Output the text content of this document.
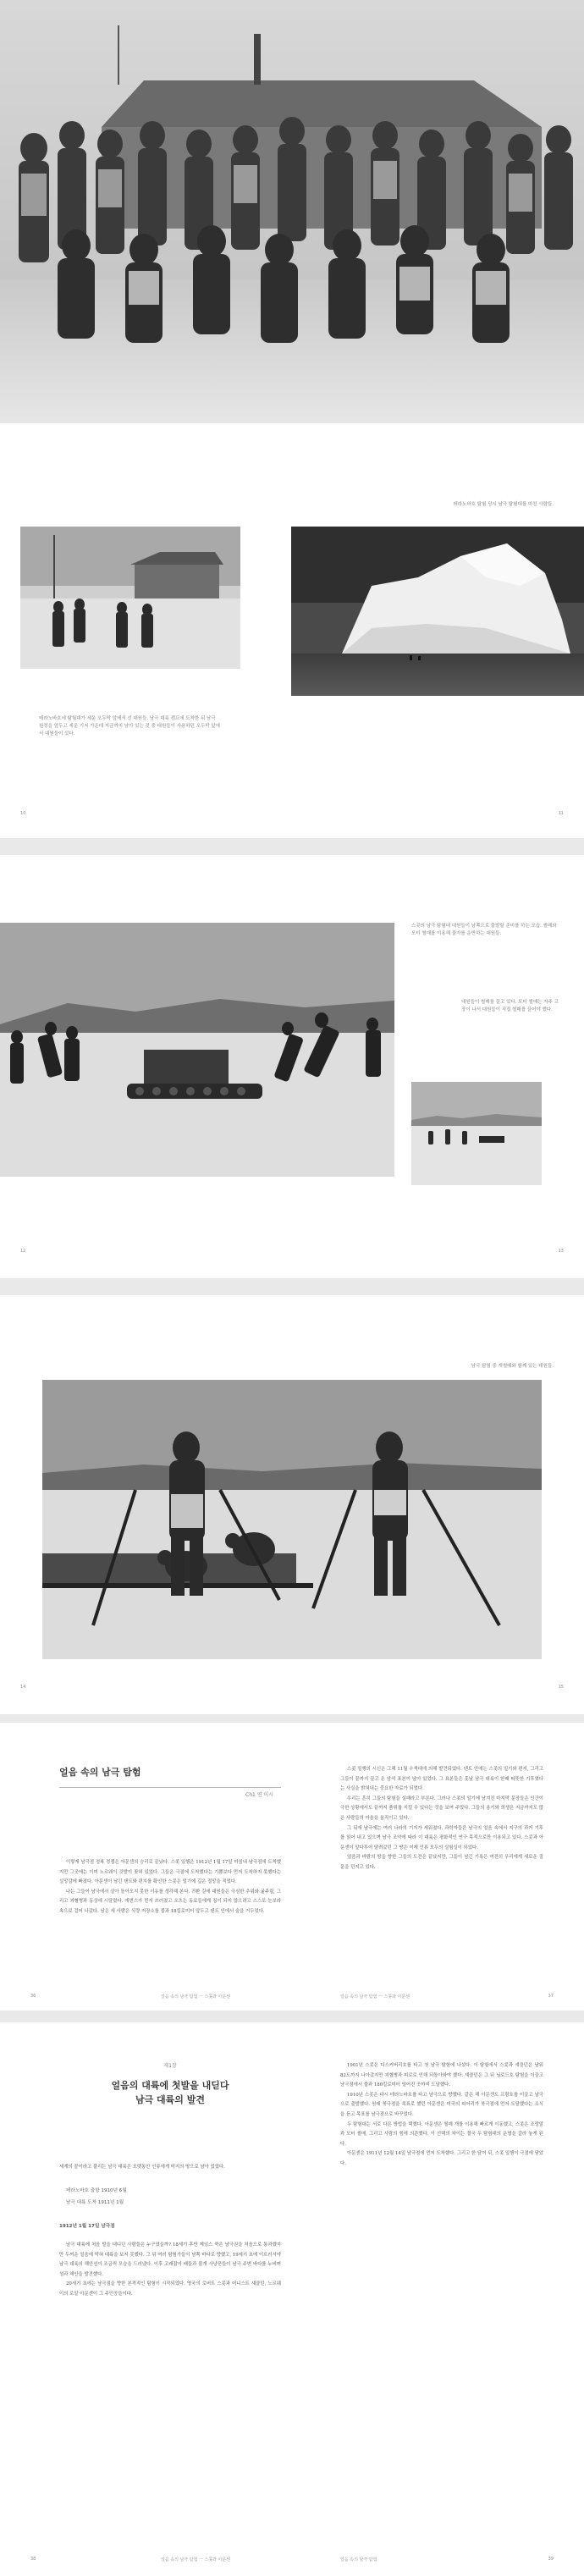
테라노바호 탐험 당시 남극 탐험대를 마친 사람들.
테라노바호에 탐험대가 세운 오두막 앞에서 선 대원들. 남극 대륙 캠프에 도착한 뒤 남극 원정을 앞두고 세운 기지 가운데 지금까지 남아 있는 것 중 대원들이 사용하던 오두막 앞에서 대원들이 섰다.
10	11
스콧의 남극 탐험대 대원들이 남쪽으로 출발할 준비를 하는 모습. 썰매와 모터 썰매를 이용해 물자를 운반하는 대원들.
대원들이 썰매를 끌고 있다. 모터 썰매는 자주 고장이 나서 대원들이 직접 썰매를 끌어야 했다.
12	13
남극 탐험 중 개썰매와 함께 있는 대원들.
14	15
얼음 속의 남극 탐험
Ch1 연 미시

이렇게 남극점 정복 경쟁은 아문센의 승리로 끝났다. 스콧 일행은 1912년 1월 17일 마침내 남극점에 도착했지만 그곳에는 이미 노르웨이 깃발이 꽂혀 있었다. 그들은 극점에 도착했다는 기쁨보다 먼저 도착하지 못했다는 실망감에 빠졌다. 아문센이 남긴 텐트와 편지를 확인한 스콧은 일기에 깊은 절망을 적었다.

나는 그들이 남극에서 살아 돌아오지 못한 이유를 생각해 본다. 귀환 길에 대원들은 극심한 추위와 굶주림, 그리고 괴혈병과 동상에 시달렸다. 에번스가 먼저 쓰러졌고 오츠는 동료들에게 짐이 되지 않으려고 스스로 눈보라 속으로 걸어 나갔다. 남은 세 사람은 식량 저장소를 불과 18킬로미터 앞두고 텐트 안에서 숨을 거두었다.

얼음 속의 남극 탐험 ㅡ 스콧과 아문센

스콧 일행의 시신은 그해 11월 수색대에 의해 발견되었다. 텐트 안에는 스콧의 일기와 편지, 그리고 그들이 끝까지 끌고 온 암석 표본이 남아 있었다. 그 표본들은 훗날 남극 대륙이 한때 따뜻한 기후였다는 사실을 밝혀내는 중요한 자료가 되었다.

우리는 흔히 그들의 탐험을 실패라고 부른다. 그러나 스콧의 일기에 남겨진 마지막 문장들은 인간이 극한 상황에서도 끝까지 품위를 지킬 수 있다는 것을 보여 주었다. 그들의 용기와 희생은 지금까지도 많은 사람들의 마음을 움직이고 있다.

그 뒤에 남극에는 여러 나라의 기지가 세워졌다. 과학자들은 남극의 얼음 속에서 지구의 과거 기후를 읽어 내고 있으며 남극 조약에 따라 이 대륙은 평화적인 연구 목적으로만 이용되고 있다. 스콧과 아문센이 앞다투어 달려갔던 그 땅은 이제 인류 모두의 실험실이 되었다.

얼음과 바람의 땅을 향한 그들의 도전은 끝났지만, 그들이 남긴 기록은 여전히 우리에게 새로운 질문을 던지고 있다.

얼음 속의 남극 탐험 ㅡ 스콧과 아문센
36	37
제1장
얼음의 대륙에 첫발을 내딛다
남극 대륙의 발견

세계의 끝이라고 불리는 남극 대륙은 오랫동안 인류에게 미지의 땅으로 남아 있었다.

테라노바호 출항 1910년 6월
남극 대륙 도착 1911년 1월
1912년 1월 17일 남극점

남극 대륙에 처음 발을 내디딘 사람들은 누구였을까? 18세기 후반 제임스 쿡은 남극권을 처음으로 통과했지만 두꺼운 얼음에 막혀 대륙을 보지 못했다. 그 뒤 여러 탐험가들이 남쪽 바다로 향했고, 19세기 초에 이르러서야 남극 대륙의 해안선이 조금씩 모습을 드러냈다. 이후 고래잡이 배들과 물개 사냥꾼들이 남극 주변 바다를 누비며 섬과 해안을 발견했다.

20세기 초에는 남극점을 향한 본격적인 탐험이 시작되었다. 영국의 로버트 스콧과 어니스트 섀클턴, 노르웨이의 로알 아문센이 그 주인공들이다.

1901년 스콧은 디스커버리호를 타고 첫 남극 탐험에 나섰다. 이 탐험에서 스콧과 섀클턴은 남위 82도까지 나아갔지만 괴혈병과 피로로 인해 되돌아와야 했다. 섀클턴은 그 뒤 님로드호 탐험을 이끌고 남극점에서 불과 180킬로미터 떨어진 곳까지 도달했다.

1910년 스콧은 다시 테라노바호를 타고 남극으로 향했다. 같은 해 아문센도 프람호를 이끌고 남극으로 출발했다. 원래 북극점을 목표로 했던 아문센은 미국의 피어리가 북극점에 먼저 도달했다는 소식을 듣고 목표를 남극점으로 바꾸었다.

두 탐험대는 서로 다른 방법을 택했다. 아문센은 썰매 개를 이용해 빠르게 이동했고, 스콧은 조랑말과 모터 썰매, 그리고 사람의 힘에 의존했다. 이 선택의 차이는 결국 두 탐험대의 운명을 갈라 놓게 된다.

아문센은 1911년 12월 14일 남극점에 먼저 도착했다. 그리고 한 달여 뒤, 스콧 일행이 극점에 닿았다.

38	얼음 속의 남극 탐험 ㅡ 스콧과 아문센	얼음 속의 남극 탐험	39
